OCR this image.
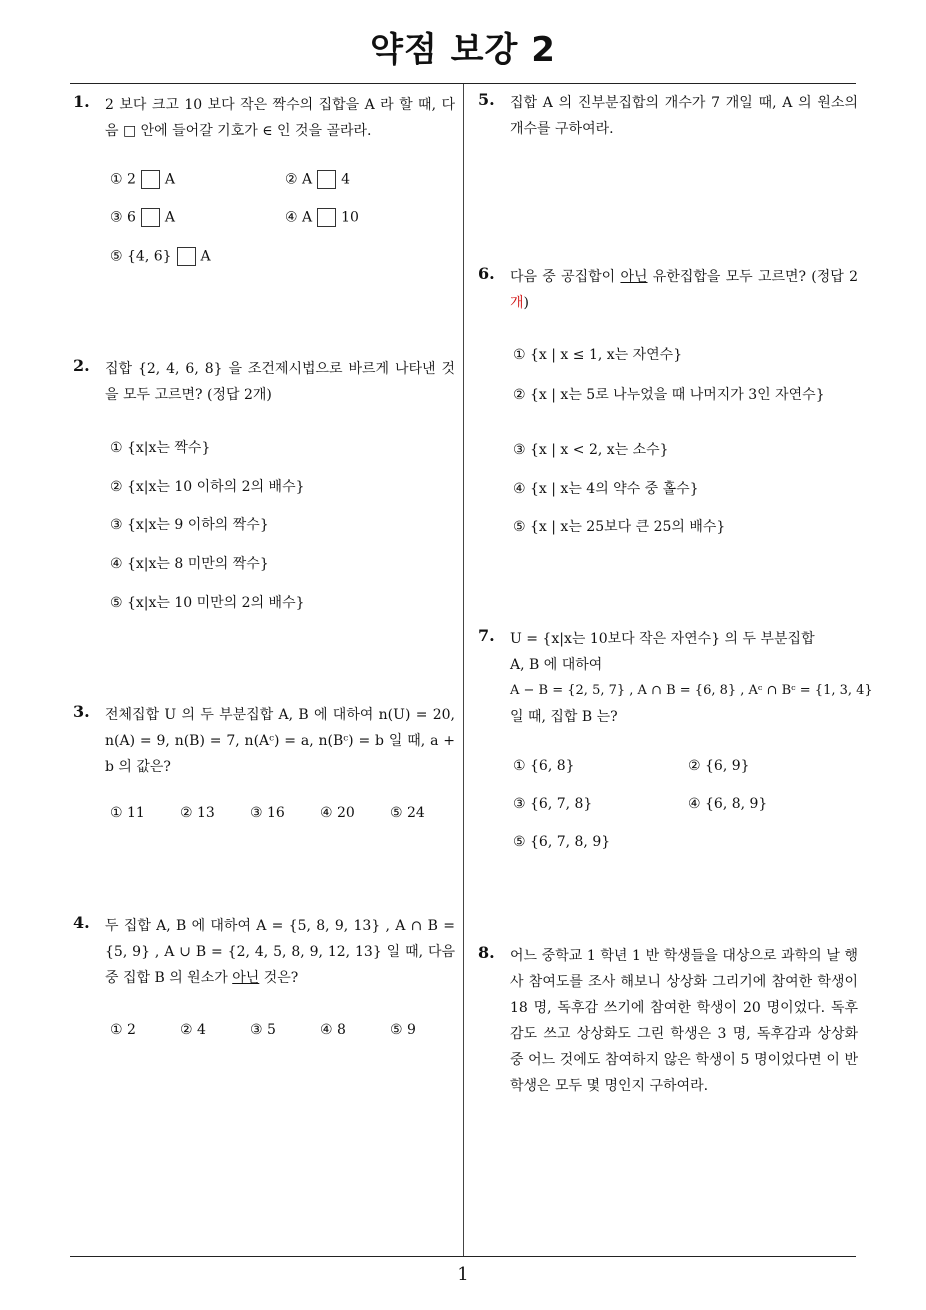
약점 보강 2
1. 2 보다 크고 10 보다 작은 짝수의 집합을 A 라 할 때, 다음 □ 안에 들어갈 기호가 ∈ 인 것을 골라라.
① 2 A	② A 4
③ 6 A	④ A 10
⑤ {4, 6} A
2. 집합 {2, 4, 6, 8} 을 조건제시법으로 바르게 나타낸 것을 모두 고르면? (정답 2개)
① {x|x는 짝수}
② {x|x는 10 이하의 2의 배수}
③ {x|x는 9 이하의 짝수}
④ {x|x는 8 미만의 짝수}
⑤ {x|x는 10 미만의 2의 배수}
3. 전체집합 U 의 두 부분집합 A, B 에 대하여 n(U) = 20, n(A) = 9, n(B) = 7, n(Aᶜ) = a, n(Bᶜ) = b 일 때, a + b 의 값은?
① 11	② 13	③ 16	④ 20	⑤ 24
4. 두 집합 A, B 에 대하여 A = {5, 8, 9, 13} , A ∩ B = {5, 9} , A ∪ B = {2, 4, 5, 8, 9, 12, 13} 일 때, 다음 중 집합 B 의 원소가 아닌 것은?
① 2	② 4	③ 5	④ 8	⑤ 9
5. 집합 A 의 진부분집합의 개수가 7 개일 때, A 의 원소의 개수를 구하여라.
6. 다음 중 공집합이 아닌 유한집합을 모두 고르면? (정답 2 개)
① {x | x ≤ 1, x는 자연수}
② {x | x는 5로 나누었을 때 나머지가 3인 자연수}
③ {x | x < 2, x는 소수}
④ {x | x는 4의 약수 중 홀수}
⑤ {x | x는 25보다 큰 25의 배수}
7. U = {x|x는 10보다 작은 자연수} 의 두 부분집합
A, B 에 대하여
A − B = {2, 5, 7} , A ∩ B = {6, 8} , Aᶜ ∩ Bᶜ = {1, 3, 4}
일 때, 집합 B 는?
① {6, 8}	② {6, 9}
③ {6, 7, 8}	④ {6, 8, 9}
⑤ {6, 7, 8, 9}
8. 어느 중학교 1 학년 1 반 학생들을 대상으로 과학의 날 행사 참여도를 조사 해보니 상상화 그리기에 참여한 학생이 18 명, 독후감 쓰기에 참여한 학생이 20 명이었다. 독후감도 쓰고 상상화도 그린 학생은 3 명, 독후감과 상상화 중 어느 것에도 참여하지 않은 학생이 5 명이었다면 이 반 학생은 모두 몇 명인지 구하여라.
1
